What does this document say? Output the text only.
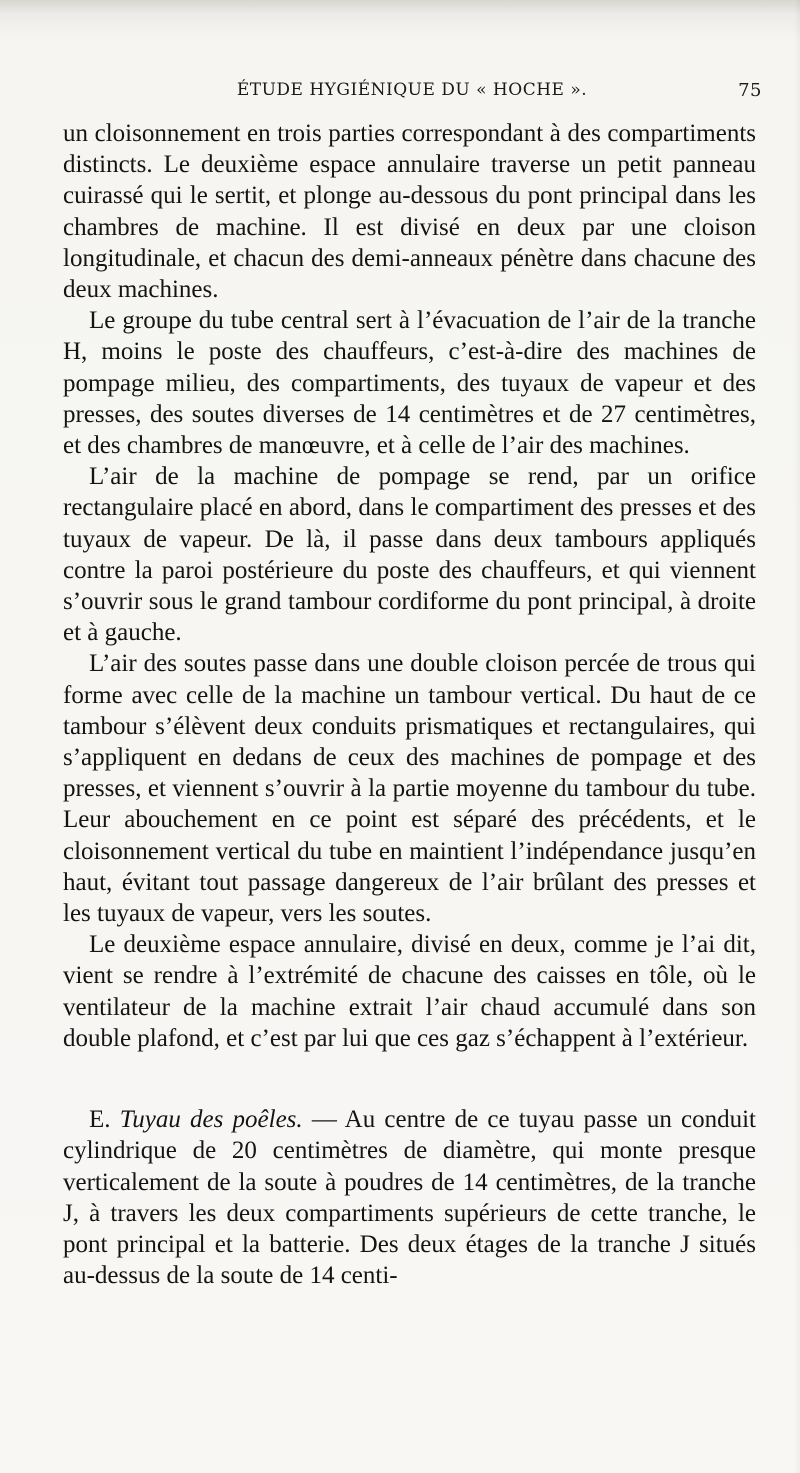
ÉTUDE HYGIÉNIQUE DU « HOCHE ».	75

un cloisonnement en trois parties correspondant à des compartiments distincts. Le deuxième espace annulaire traverse un petit panneau cuirassé qui le sertit, et plonge au-dessous du pont principal dans les chambres de machine. Il est divisé en deux par une cloison longitudinale, et chacun des demi-anneaux pénètre dans chacune des deux machines.

Le groupe du tube central sert à l’évacuation de l’air de la tranche H, moins le poste des chauffeurs, c’est-à-dire des machines de pompage milieu, des compartiments, des tuyaux de vapeur et des presses, des soutes diverses de 14 centimètres et de 27 centimètres, et des chambres de manœuvre, et à celle de l’air des machines.

L’air de la machine de pompage se rend, par un orifice rectangulaire placé en abord, dans le compartiment des presses et des tuyaux de vapeur. De là, il passe dans deux tambours appliqués contre la paroi postérieure du poste des chauffeurs, et qui viennent s’ouvrir sous le grand tambour cordiforme du pont principal, à droite et à gauche.

L’air des soutes passe dans une double cloison percée de trous qui forme avec celle de la machine un tambour vertical. Du haut de ce tambour s’élèvent deux conduits prismatiques et rectangulaires, qui s’appliquent en dedans de ceux des machines de pompage et des presses, et viennent s’ouvrir à la partie moyenne du tambour du tube. Leur abouchement en ce point est séparé des précédents, et le cloisonnement vertical du tube en maintient l’indépendance jusqu’en haut, évitant tout passage dangereux de l’air brûlant des presses et les tuyaux de vapeur, vers les soutes.

Le deuxième espace annulaire, divisé en deux, comme je l’ai dit, vient se rendre à l’extrémité de chacune des caisses en tôle, où le ventilateur de la machine extrait l’air chaud accumulé dans son double plafond, et c’est par lui que ces gaz s’échappent à l’extérieur.

E. Tuyau des poêles. — Au centre de ce tuyau passe un conduit cylindrique de 20 centimètres de diamètre, qui monte presque verticalement de la soute à poudres de 14 centimètres, de la tranche J, à travers les deux compartiments supérieurs de cette tranche, le pont principal et la batterie. Des deux étages de la tranche J situés au-dessus de la soute de 14 centi-
